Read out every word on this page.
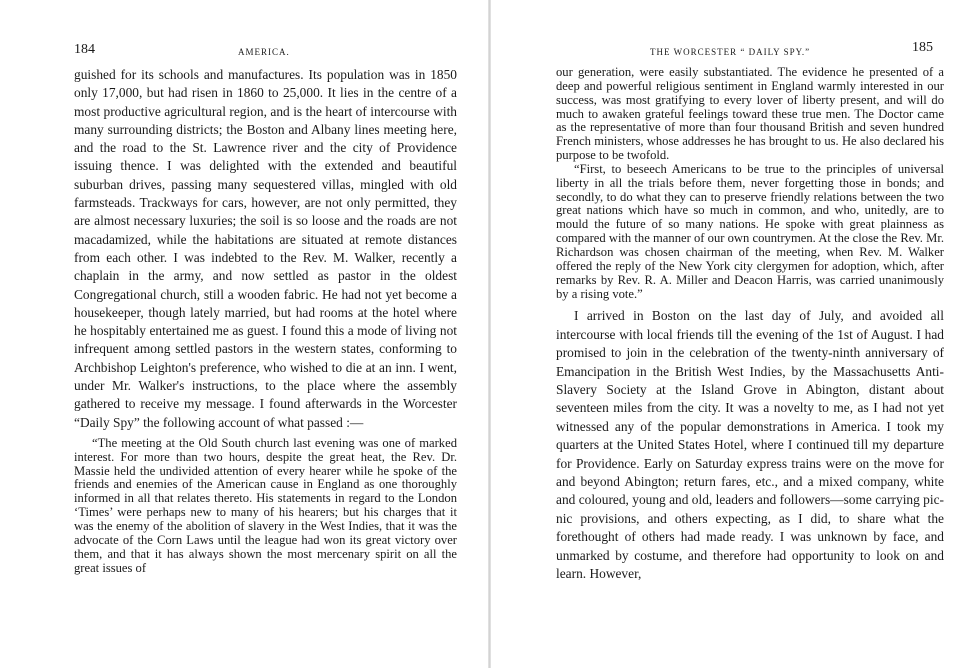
184	AMERICA.

guished for its schools and manufactures. Its population was in 1850 only 17,000, but had risen in 1860 to 25,000. It lies in the centre of a most productive agricultural region, and is the heart of intercourse with many surrounding districts; the Boston and Albany lines meeting here, and the road to the St. Lawrence river and the city of Providence issuing thence. I was delighted with the extended and beautiful suburban drives, passing many sequestered villas, mingled with old farmsteads. Trackways for cars, however, are not only permitted, they are almost necessary luxuries; the soil is so loose and the roads are not macadamized, while the habitations are situated at remote distances from each other. I was indebted to the Rev. M. Walker, recently a chaplain in the army, and now settled as pastor in the oldest Congregational church, still a wooden fabric. He had not yet become a housekeeper, though lately married, but had rooms at the hotel where he hospitably entertained me as guest. I found this a mode of living not infrequent among settled pastors in the western states, conforming to Archbishop Leighton's preference, who wished to die at an inn. I went, under Mr. Walker's instructions, to the place where the assembly gathered to receive my message. I found afterwards in the Worcester “Daily Spy” the following account of what passed :—

“The meeting at the Old South church last evening was one of marked interest. For more than two hours, despite the great heat, the Rev. Dr. Massie held the undivided attention of every hearer while he spoke of the friends and enemies of the American cause in England as one thoroughly informed in all that relates thereto. His statements in regard to the London ‘Times’ were perhaps new to many of his hearers; but his charges that it was the enemy of the abolition of slavery in the West Indies, that it was the advocate of the Corn Laws until the league had won its great victory over them, and that it has always shown the most mercenary spirit on all the great issues of

THE WORCESTER “ DAILY SPY.”	185

our generation, were easily substantiated. The evidence he presented of a deep and powerful religious sentiment in England warmly interested in our success, was most gratifying to every lover of liberty present, and will do much to awaken grateful feelings toward these true men. The Doctor came as the representative of more than four thousand British and seven hundred French ministers, whose addresses he has brought to us. He also declared his purpose to be twofold.

“First, to beseech Americans to be true to the principles of universal liberty in all the trials before them, never forgetting those in bonds; and secondly, to do what they can to preserve friendly relations between the two great nations which have so much in common, and who, unitedly, are to mould the future of so many nations. He spoke with great plainness as compared with the manner of our own countrymen. At the close the Rev. Mr. Richardson was chosen chairman of the meeting, when Rev. M. Walker offered the reply of the New York city clergymen for adoption, which, after remarks by Rev. R. A. Miller and Deacon Harris, was carried unanimously by a rising vote.”

I arrived in Boston on the last day of July, and avoided all intercourse with local friends till the evening of the 1st of August. I had promised to join in the celebration of the twenty-ninth anniversary of Emancipation in the British West Indies, by the Massachusetts Anti-Slavery Society at the Island Grove in Abington, distant about seventeen miles from the city. It was a novelty to me, as I had not yet witnessed any of the popular demonstrations in America. I took my quarters at the United States Hotel, where I continued till my departure for Providence. Early on Saturday express trains were on the move for and beyond Abington; return fares, etc., and a mixed company, white and coloured, young and old, leaders and followers—some carrying pic-nic provisions, and others expecting, as I did, to share what the forethought of others had made ready. I was unknown by face, and unmarked by costume, and therefore had opportunity to look on and learn. However,
